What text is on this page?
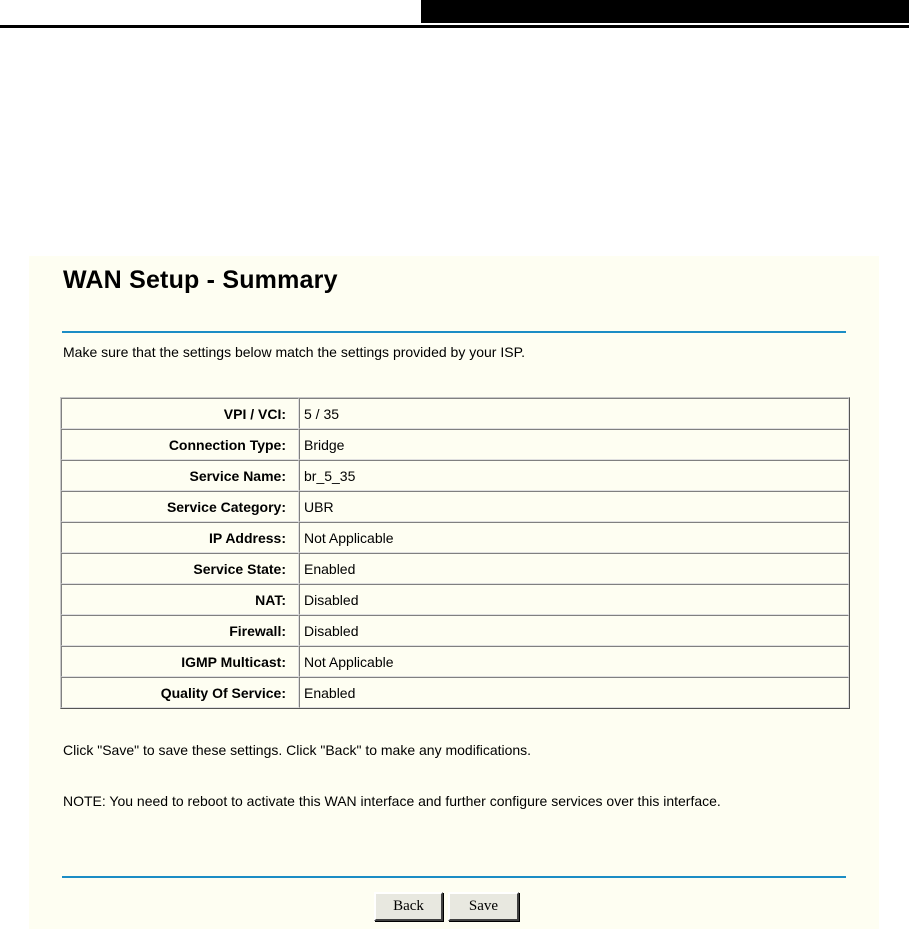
WAN Setup - Summary
Make sure that the settings below match the settings provided by your ISP.
VPI / VCI:	5 / 35
Connection Type:	Bridge
Service Name:	br_5_35
Service Category:	UBR
IP Address:	Not Applicable
Service State:	Enabled
NAT:	Disabled
Firewall:	Disabled
IGMP Multicast:	Not Applicable
Quality Of Service:	Enabled
Click "Save" to save these settings. Click "Back" to make any modifications.
NOTE: You need to reboot to activate this WAN interface and further configure services over this interface.
Back	Save
